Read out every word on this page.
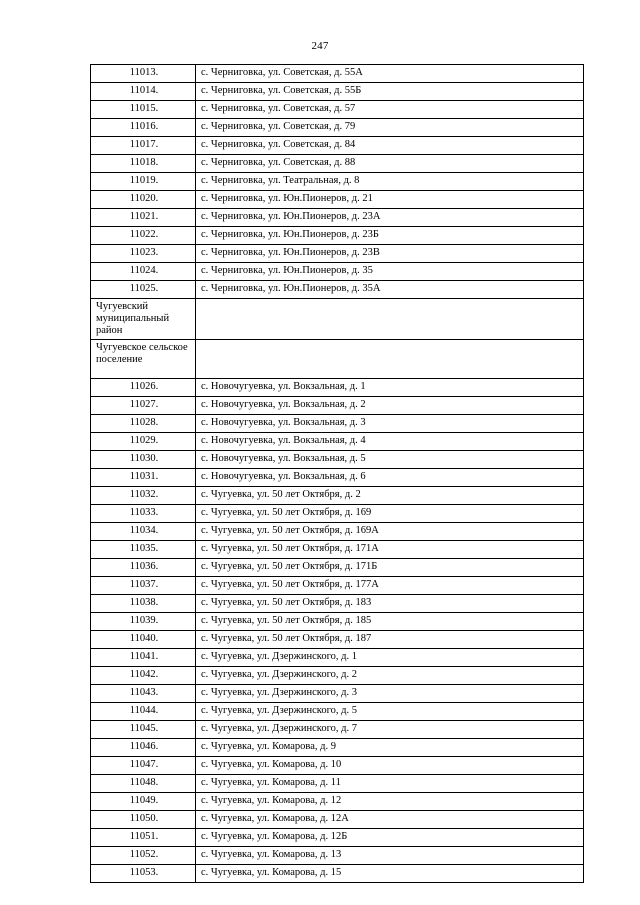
247
11013.	с. Черниговка, ул. Советская, д. 55А
11014.	с. Черниговка, ул. Советская, д. 55Б
11015.	с. Черниговка, ул. Советская, д. 57
11016.	с. Черниговка, ул. Советская, д. 79
11017.	с. Черниговка, ул. Советская, д. 84
11018.	с. Черниговка, ул. Советская, д. 88
11019.	с. Черниговка, ул. Театральная, д. 8
11020.	с. Черниговка, ул. Юн.Пионеров, д. 21
11021.	с. Черниговка, ул. Юн.Пионеров, д. 23А
11022.	с. Черниговка, ул. Юн.Пионеров, д. 23Б
11023.	с. Черниговка, ул. Юн.Пионеров, д. 23В
11024.	с. Черниговка, ул. Юн.Пионеров, д. 35
11025.	с. Черниговка, ул. Юн.Пионеров, д. 35А
Чугуевский муниципальный район	
Чугуевское сельское поселение	
11026.	с. Новочугуевка, ул. Вокзальная, д. 1
11027.	с. Новочугуевка, ул. Вокзальная, д. 2
11028.	с. Новочугуевка, ул. Вокзальная, д. 3
11029.	с. Новочугуевка, ул. Вокзальная, д. 4
11030.	с. Новочугуевка, ул. Вокзальная, д. 5
11031.	с. Новочугуевка, ул. Вокзальная, д. 6
11032.	с. Чугуевка, ул. 50 лет Октября, д. 2
11033.	с. Чугуевка, ул. 50 лет Октября, д. 169
11034.	с. Чугуевка, ул. 50 лет Октября, д. 169А
11035.	с. Чугуевка, ул. 50 лет Октября, д. 171А
11036.	с. Чугуевка, ул. 50 лет Октября, д. 171Б
11037.	с. Чугуевка, ул. 50 лет Октября, д. 177А
11038.	с. Чугуевка, ул. 50 лет Октября, д. 183
11039.	с. Чугуевка, ул. 50 лет Октября, д. 185
11040.	с. Чугуевка, ул. 50 лет Октября, д. 187
11041.	с. Чугуевка, ул. Дзержинского, д. 1
11042.	с. Чугуевка, ул. Дзержинского, д. 2
11043.	с. Чугуевка, ул. Дзержинского, д. 3
11044.	с. Чугуевка, ул. Дзержинского, д. 5
11045.	с. Чугуевка, ул. Дзержинского, д. 7
11046.	с. Чугуевка, ул. Комарова, д. 9
11047.	с. Чугуевка, ул. Комарова, д. 10
11048.	с. Чугуевка, ул. Комарова, д. 11
11049.	с. Чугуевка, ул. Комарова, д. 12
11050.	с. Чугуевка, ул. Комарова, д. 12А
11051.	с. Чугуевка, ул. Комарова, д. 12Б
11052.	с. Чугуевка, ул. Комарова, д. 13
11053.	с. Чугуевка, ул. Комарова, д. 15
